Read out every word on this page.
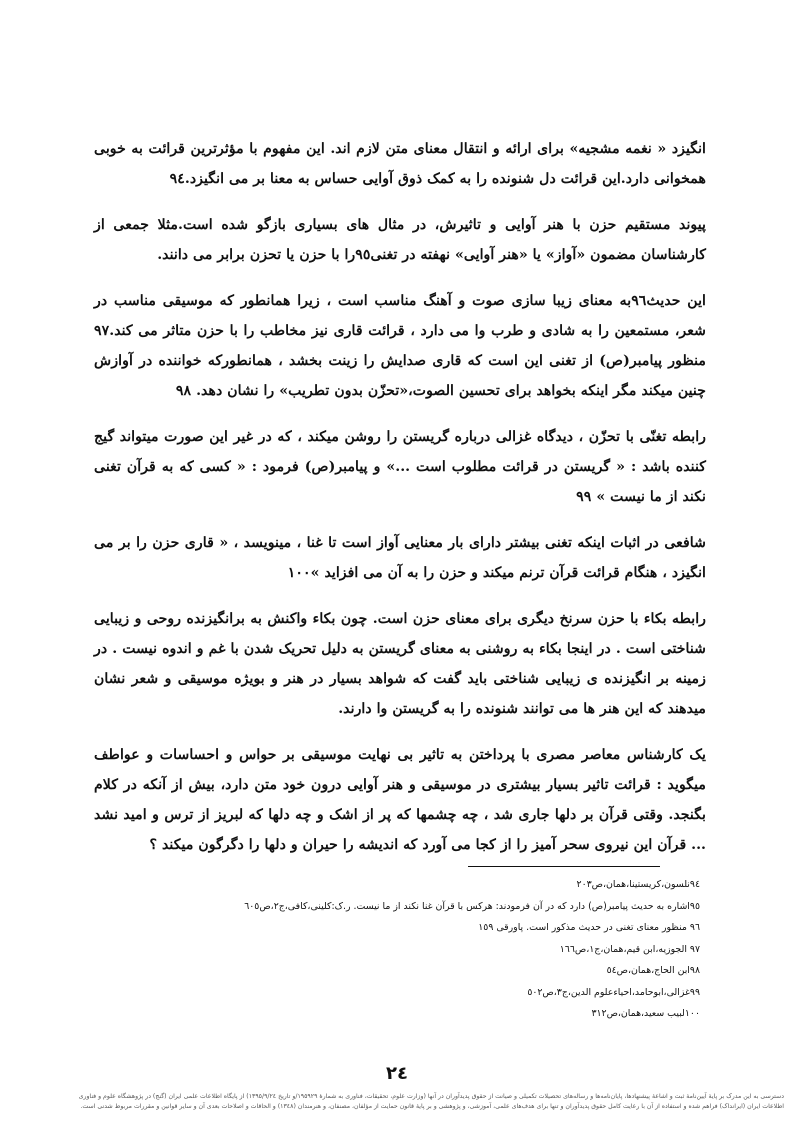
انگیزد « نغمه مشجیه» برای ارائه و انتقال معنای متن لازم اند. این مفهوم با مؤثرترین قرائت به خوبی همخوانی دارد.این قرائت دل شنونده را به کمک ذوق آوایی حساس به معنا بر می انگیزد.٩٤

پیوند مستقیم حزن با هنر آوایی و تاثیرش، در مثال های بسیاری بازگو شده است.مثلا جمعی از کارشناسان مضمون «آواز» یا «هنر آوایی» نهفته در تغنی٩٥را با حزن یا تحزن برابر می دانند.

این حدیث٩٦به معنای زیبا سازی صوت و آهنگ مناسب است ، زیرا همانطور که موسیقی مناسب در شعر، مستمعین را به شادی و طرب وا می دارد ، قرائت قاری نیز مخاطب را با حزن متاثر می کند.٩٧ منظور پیامبر(ص) از تغنی این است که قاری صدایش را زینت بخشد ، همانطورکه خواننده در آوازش چنین میکند مگر اینکه بخواهد برای تحسین الصوت،«تحزّن بدون تطریب» را نشان دهد. ٩٨

رابطه تغنّی با تحزّن ، دیدگاه غزالی درباره گریستن را روشن میکند ، که در غیر این صورت میتواند گیج کننده باشد : « گریستن در قرائت مطلوب است ...» و پیامبر(ص) فرمود : « کسی که به قرآن تغنی نکند از ما نیست » ٩٩

شافعی در اثبات اینکه تغنی بیشتر دارای بار معنایی آواز است تا غنا ، مینویسد ، « قاری حزن را بر می انگیزد ، هنگام قرائت قرآن ترنم میکند و حزن را به آن می افزاید »١٠٠

رابطه بکاء با حزن سرنخ دیگری برای معنای حزن است. چون بکاء واکنش به برانگیزنده روحی و زیبایی شناختی است . در اینجا بکاء به روشنی به معنای گریستن به دلیل تحریک شدن با غم و اندوه نیست . در زمینه بر انگیزنده ی زیبایی شناختی باید گفت که شواهد بسیار در هنر و بویژه موسیقی و شعر نشان میدهند که این هنر ها می توانند شنونده را به گریستن وا دارند.

یک کارشناس معاصر مصری با پرداختن به تاثیر بی نهایت موسیقی بر حواس و احساسات و عواطف میگوید : قرائت تاثیر بسیار بیشتری در موسیقی و هنر آوایی درون خود متن دارد، بیش از آنکه در کلام بگنجد. وقتی قرآن بر دلها جاری شد ، چه چشمها که پر از اشک و چه دلها که لبریز از ترس و امید نشد ... قرآن این نیروی سحر آمیز را از کجا می آورد که اندیشه را حیران و دلها را دگرگون میکند ؟

٩٤نلسون،کریستینا،همان،ص٢٠٣
٩٥اشاره به حدیث پیامبر(ص) دارد که در آن فرمودند: هرکس با قرآن غنا نکند از ما نیست. ر.ک:کلینی،کافی،ج٢،ص٦٠٥
٩٦ منظور معنای تغنی در حدیث مذکور است. پاورقی ١٥٩
٩٧ الجوزیه،ابن قیم،همان،ج١،ص١٦٦
٩٨ابن الحاج،همان،ص٥٤
٩٩غزالی،ابوحامد،احیاءعلوم الدین،ج٣،ص٥٠٢
١٠٠لبیب سعید،همان،ص٣١٢
٢٤
دسترسی به این مدرک بر پایهٔ آیین‌نامهٔ ثبت و اشاعهٔ پیشنهادها، پایان‌نامه‌ها و رساله‌های تحصیلات تکمیلی و صیانت از حقوق پدیدآوران در آنها (وزارت علوم، تحقیقات، فناوری به شمارهٔ ١٩٥٩٢٩/و تاریخ ١٣٩٥/٩/٢٤) از پایگاه اطلاعات علمی ایران (گنج) در پژوهشگاه علوم و فناوری
اطلاعات ایران (ایرانداک) فراهم شده و استفاده از آن با رعایت کامل حقوق پدیدآوران و تنها برای هدف‌های علمی، آموزشی، و پژوهشی و بر پایهٔ قانون حمایت از مؤلفان، مصنفان، و هنرمندان (١٣٤٨) و الحاقات و اصلاحات بعدی آن و سایر قوانین و مقررات مربوط شدنی است.
